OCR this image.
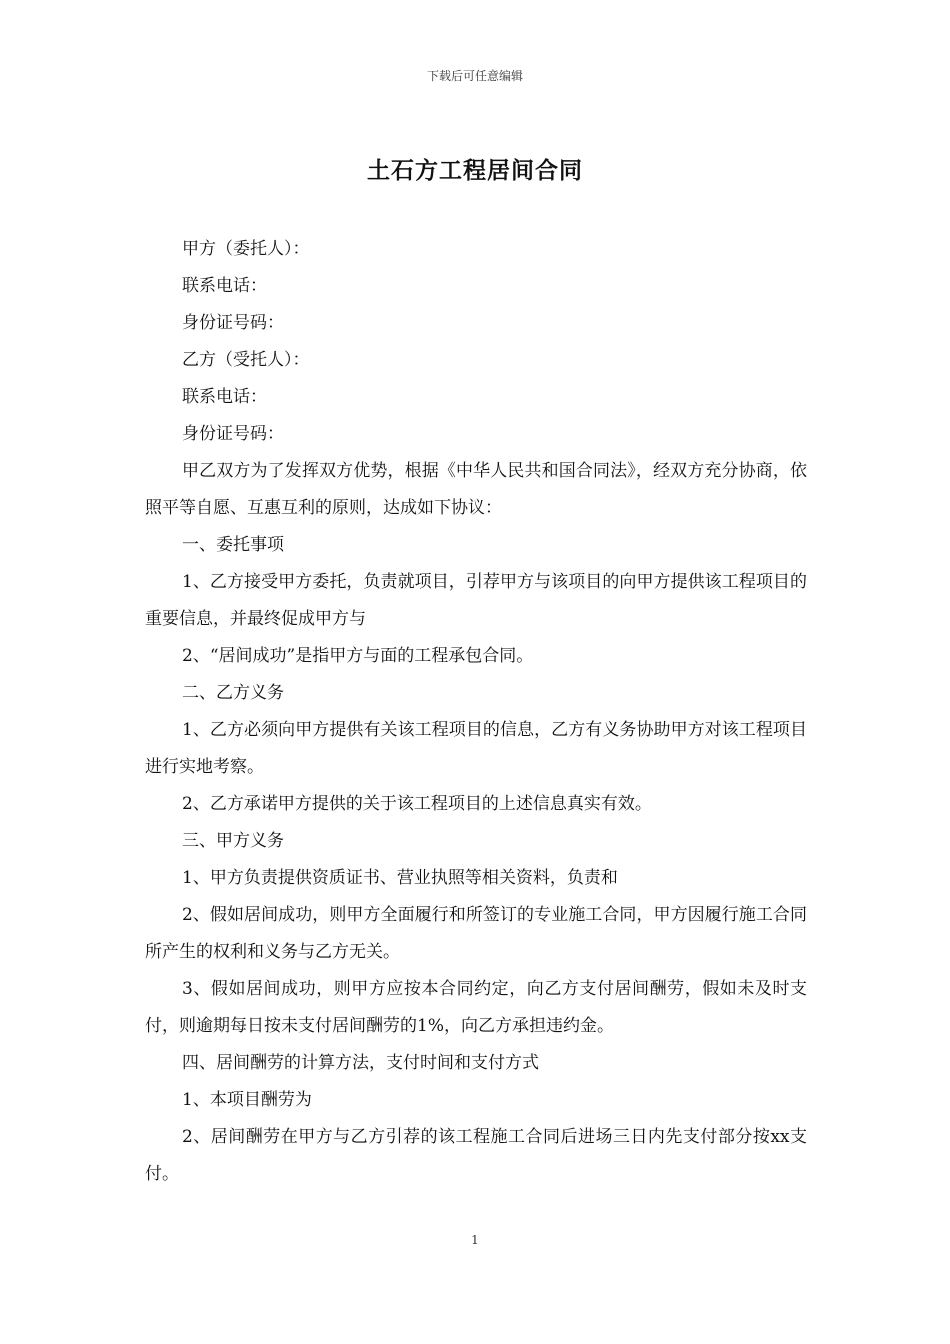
下载后可任意编辑
土石方工程居间合同

甲方（委托人）：

联系电话：

身份证号码：

乙方（受托人）：

联系电话：

身份证号码：

甲乙双方为了发挥双方优势，根据《中华人民共和国合同法》，经双方充分协商，依照平等自愿、互惠互利的原则，达成如下协议：

一、委托事项

1、乙方接受甲方委托，负责就项目，引荐甲方与该项目的向甲方提供该工程项目的重要信息，并最终促成甲方与

2、“居间成功”是指甲方与面的工程承包合同。

二、乙方义务

1、乙方必须向甲方提供有关该工程项目的信息，乙方有义务协助甲方对该工程项目进行实地考察。

2、乙方承诺甲方提供的关于该工程项目的上述信息真实有效。

三、甲方义务

1、甲方负责提供资质证书、营业执照等相关资料，负责和

2、假如居间成功，则甲方全面履行和所签订的专业施工合同，甲方因履行施工合同所产生的权利和义务与乙方无关。

3、假如居间成功，则甲方应按本合同约定，向乙方支付居间酬劳，假如未及时支付，则逾期每日按未支付居间酬劳的1%，向乙方承担违约金。

四、居间酬劳的计算方法，支付时间和支付方式

1、本项目酬劳为

2、居间酬劳在甲方与乙方引荐的该工程施工合同后进场三日内先支付部分按xx支付。

1
